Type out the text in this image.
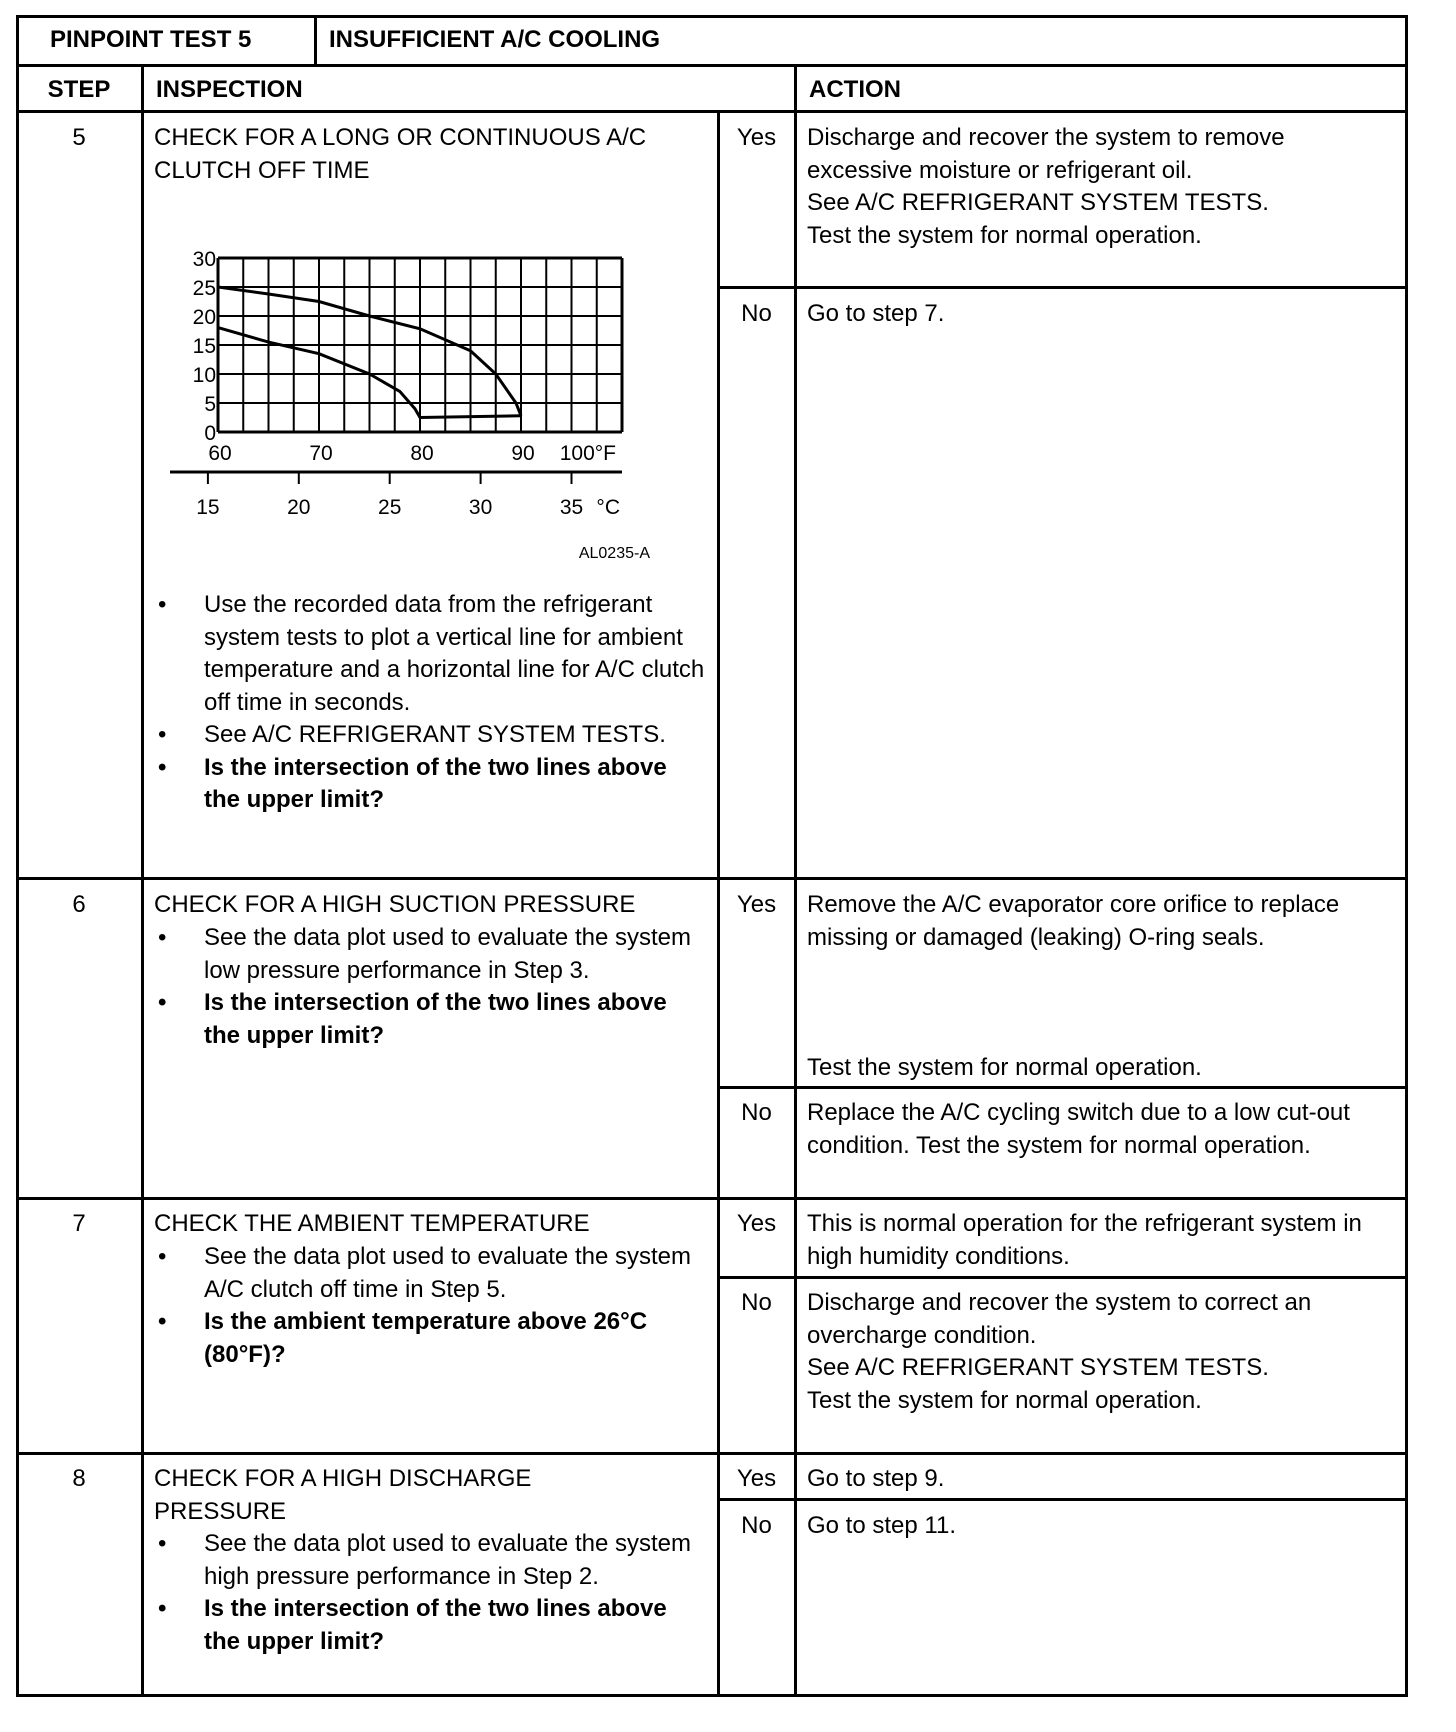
PINPOINT TEST 5	INSUFFICIENT A/C COOLING
STEP	INSPECTION	ACTION
5	CHECK FOR A LONG OR CONTINUOUS A/C CLUTCH OFF TIME
0
5
10
15
20
25
30
60	70	80	90 100°F
15	20	25	30	35 °C
AL0235-A
• Use the recorded data from the refrigerant system tests to plot a vertical line for ambient temperature and a horizontal line for A/C clutch off time in seconds.
• See A/C REFRIGERANT SYSTEM TESTS.
• Is the intersection of the two lines above the upper limit?
Yes	Discharge and recover the system to remove excessive moisture or refrigerant oil.
See A/C REFRIGERANT SYSTEM TESTS.
Test the system for normal operation.
No	Go to step 7.
6	CHECK FOR A HIGH SUCTION PRESSURE
• See the data plot used to evaluate the system low pressure performance in Step 3.
• Is the intersection of the two lines above the upper limit?
Yes	Remove the A/C evaporator core orifice to replace missing or damaged (leaking) O-ring seals.
Test the system for normal operation.
No	Replace the A/C cycling switch due to a low cut-out condition. Test the system for normal operation.
7	CHECK THE AMBIENT TEMPERATURE
• See the data plot used to evaluate the system A/C clutch off time in Step 5.
• Is the ambient temperature above 26°C (80°F)?
Yes	This is normal operation for the refrigerant system in high humidity conditions.
No	Discharge and recover the system to correct an overcharge condition.
See A/C REFRIGERANT SYSTEM TESTS.
Test the system for normal operation.
8	CHECK FOR A HIGH DISCHARGE PRESSURE
• See the data plot used to evaluate the system high pressure performance in Step 2.
• Is the intersection of the two lines above the upper limit?
Yes	Go to step 9.
No	Go to step 11.
